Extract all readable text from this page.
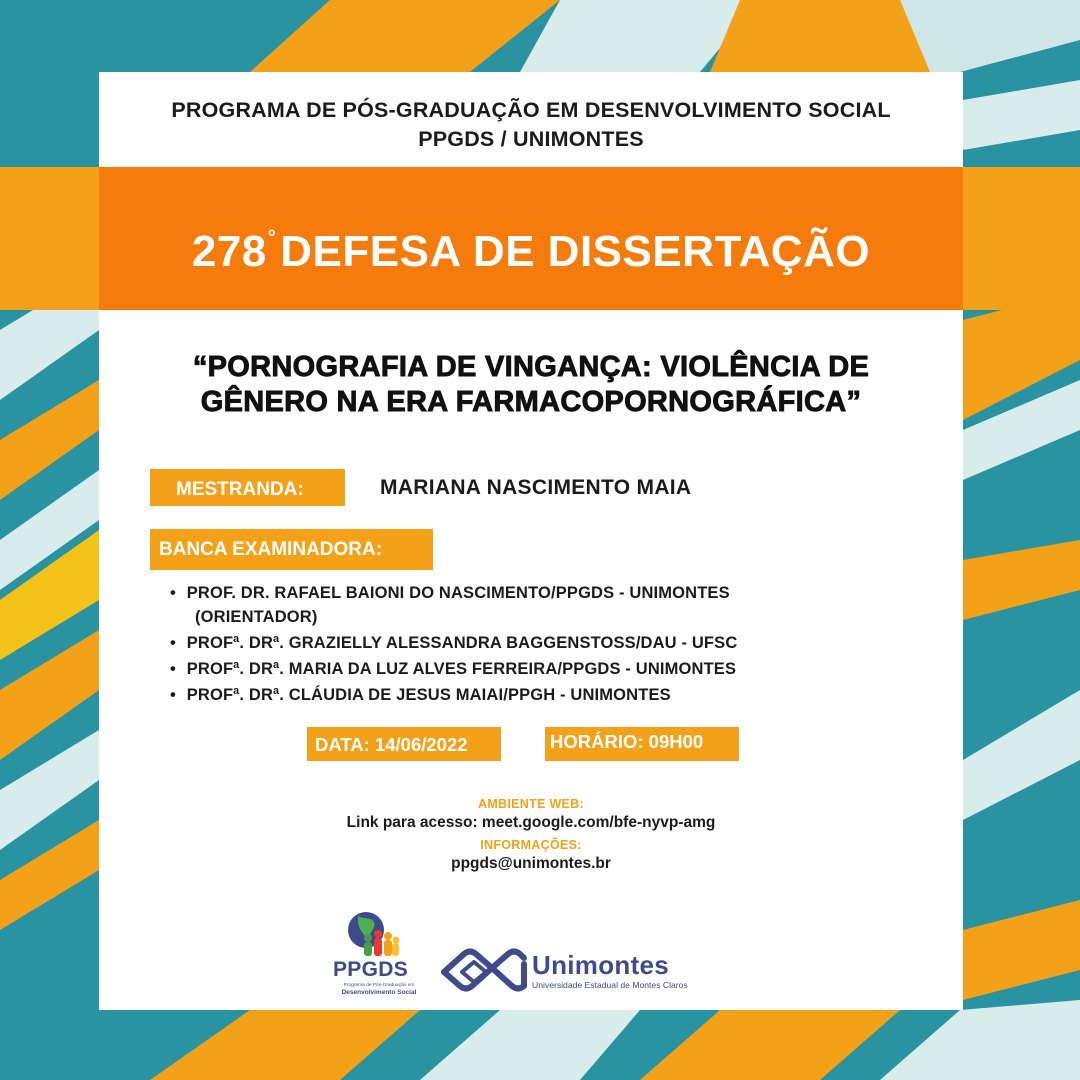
PROGRAMA DE PÓS-GRADUAÇÃO EM DESENVOLVIMENTO SOCIAL
PPGDS / UNIMONTES
278°DEFESA DE DISSERTAÇÃO
“PORNOGRAFIA DE VINGANÇA: VIOLÊNCIA DE
GÊNERO NA ERA FARMACOPORNOGRÁFICA”
MESTRANDA:	MARIANA NASCIMENTO MAIA
BANCA EXAMINADORA:
• PROF. DR. RAFAEL BAIONI DO NASCIMENTO/PPGDS - UNIMONTES
(ORIENTADOR)
• PROFª. DRª. GRAZIELLY ALESSANDRA BAGGENSTOSS/DAU - UFSC
• PROFª. DRª. MARIA DA LUZ ALVES FERREIRA/PPGDS - UNIMONTES
• PROFª. DRª. CLÁUDIA DE JESUS MAIAI/PPGH - UNIMONTES
DATA: 14/06/2022	HORÁRIO: 09H00
AMBIENTE WEB:
Link para acesso: meet.google.com/bfe-nyvp-amg
INFORMAÇÕES:
ppgds@unimontes.br
PPGDS
Programa de Pós-Graduação em
Desenvolvimento Social
Unimontes
Universidade Estadual de Montes Claros
